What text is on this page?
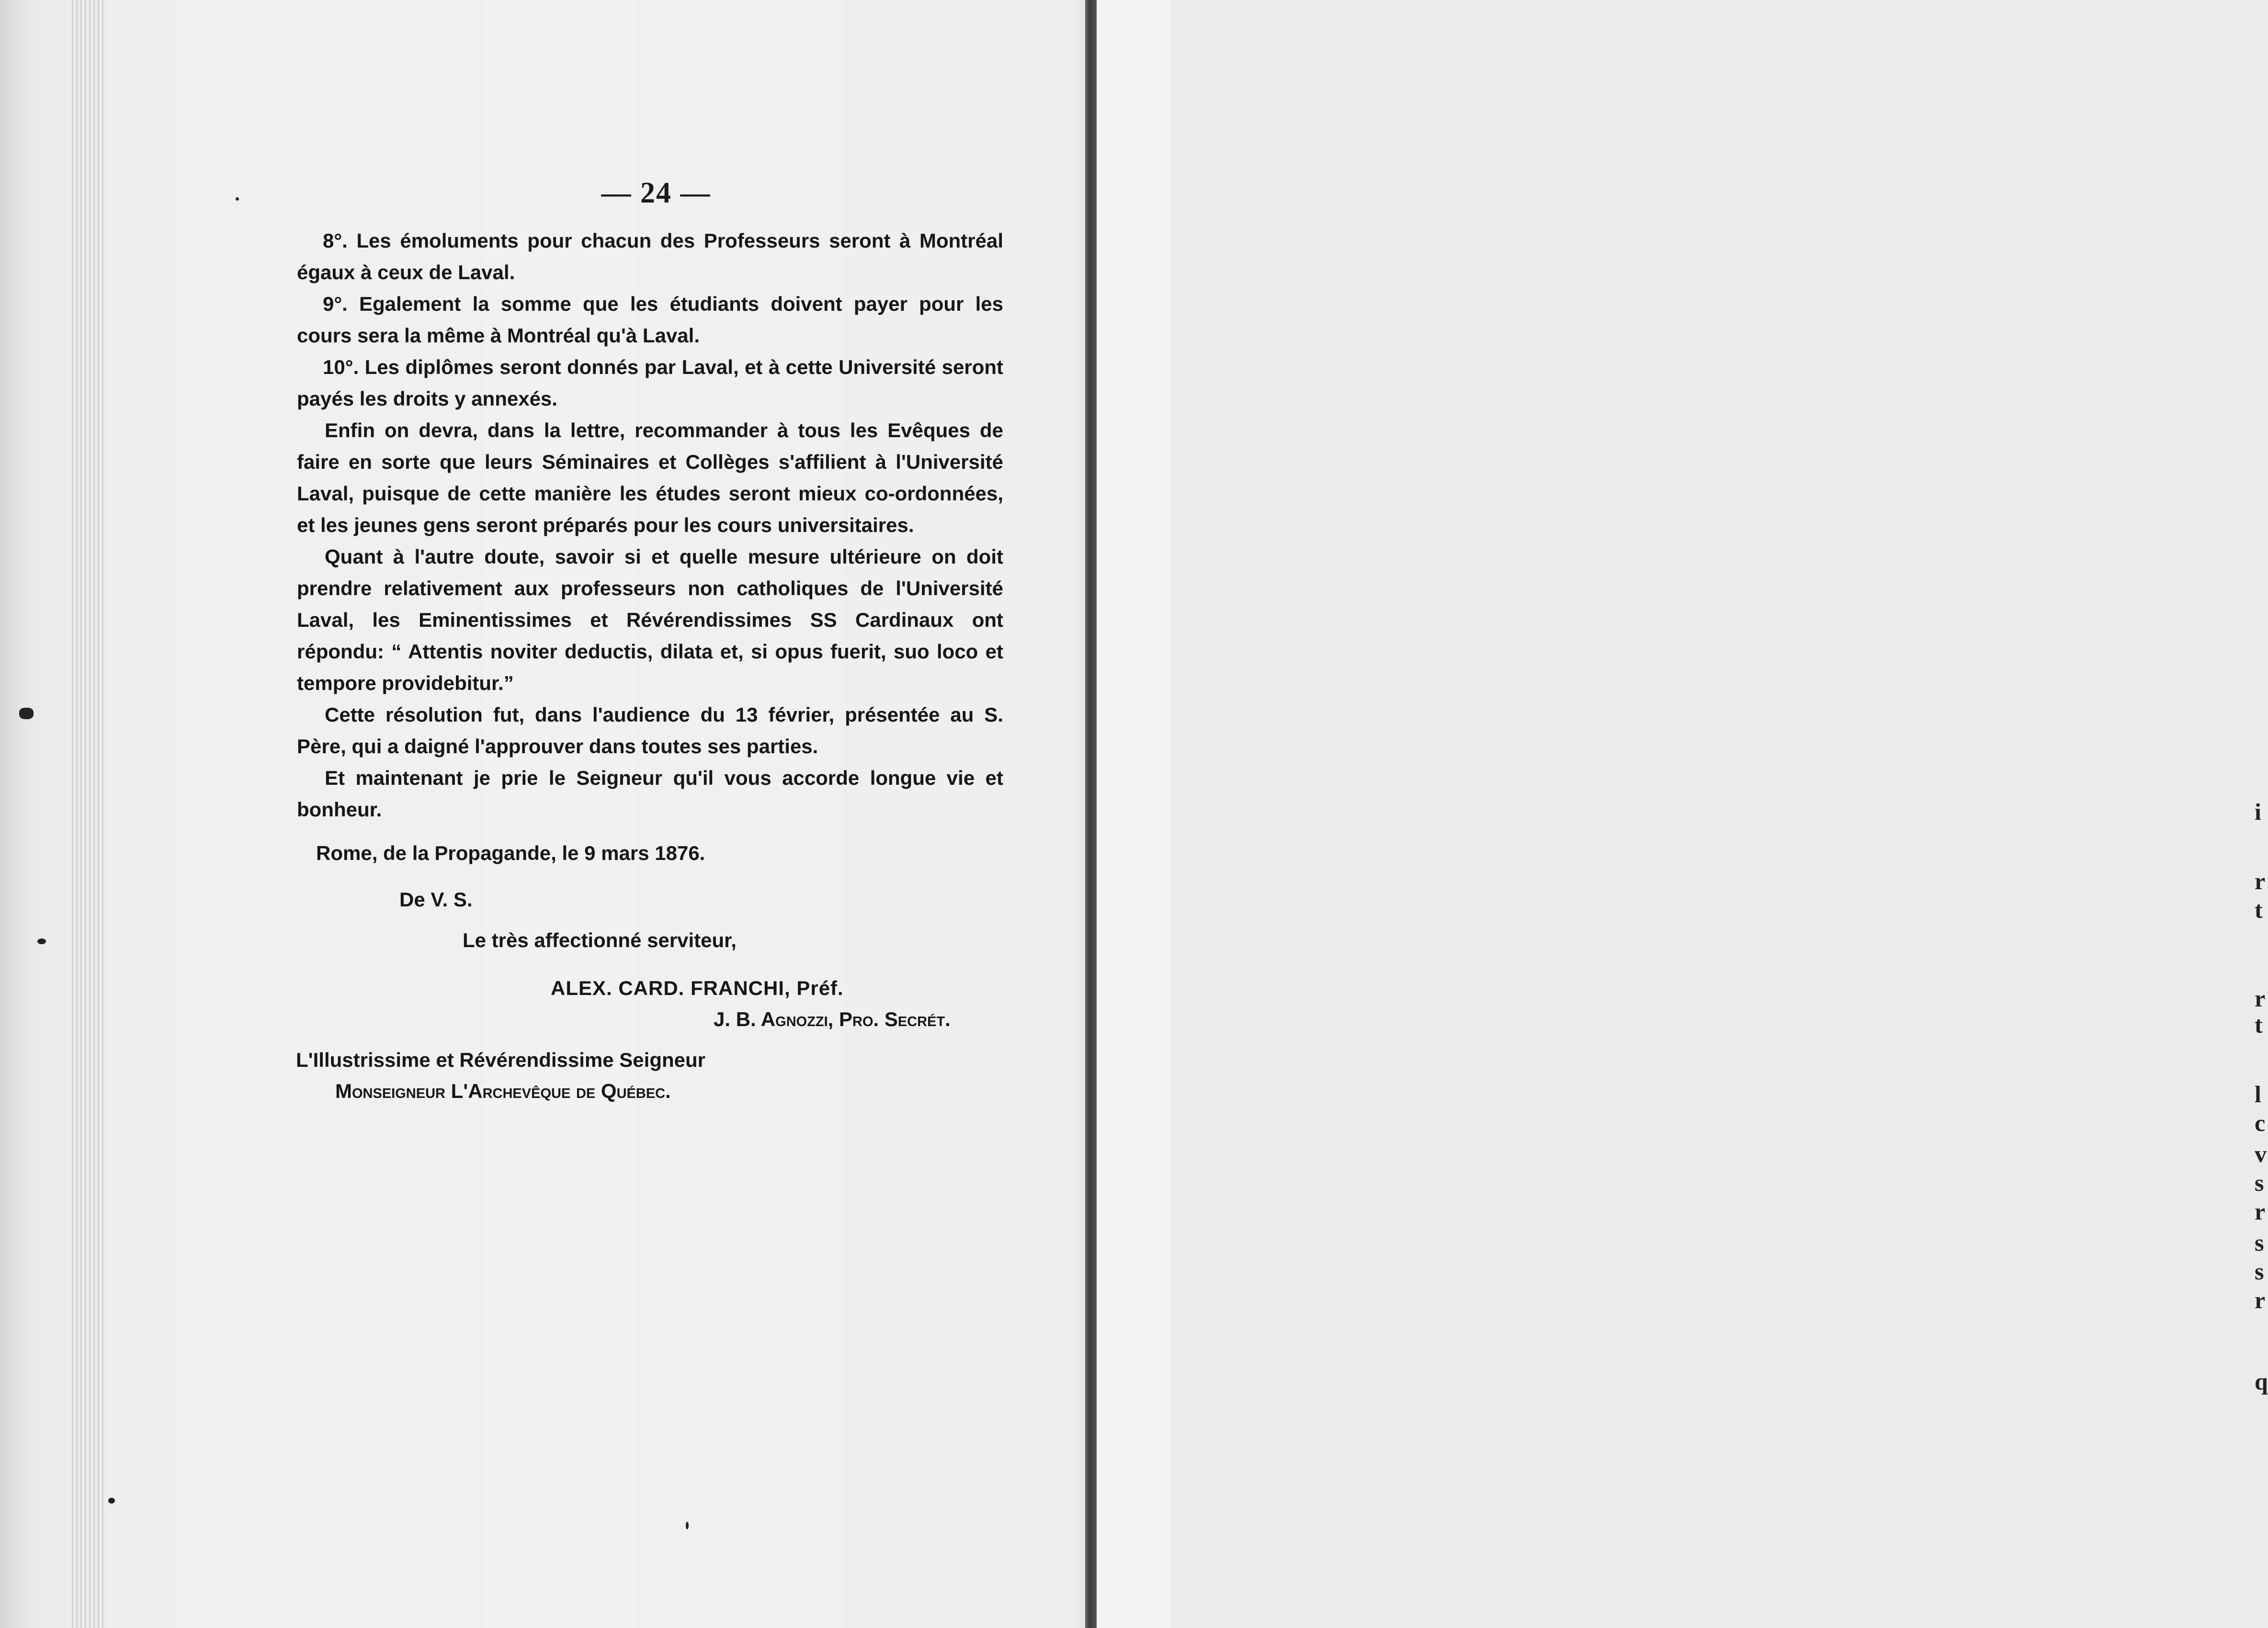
i
r
t
r
t
l
c
v
s
r
s
s
r
q
— 24 —

8°. Les émoluments pour chacun des Professeurs seront à Montréal égaux à ceux de Laval.

9°. Egalement la somme que les étudiants doivent payer pour les cours sera la même à Montréal qu'à Laval.

10°. Les diplômes seront donnés par Laval, et à cette Université seront payés les droits y annexés.

Enfin on devra, dans la lettre, recommander à tous les Evêques de faire en sorte que leurs Séminaires et Collèges s'affilient à l'Université Laval, puisque de cette manière les études seront mieux co-ordonnées, et les jeunes gens seront préparés pour les cours universitaires.

Quant à l'autre doute, savoir si et quelle mesure ultérieure on doit prendre relativement aux professeurs non catholiques de l'Université Laval, les Eminentissimes et Révérendissimes SS Cardinaux ont répondu: “ Attentis noviter deductis, dilata et, si opus fuerit, suo loco et tempore providebitur.”

Cette résolution fut, dans l'audience du 13 février, présentée au S. Père, qui a daigné l'approuver dans toutes ses parties.

Et maintenant je prie le Seigneur qu'il vous accorde longue vie et bonheur.

Rome, de la Propagande, le 9 mars 1876.
De V. S.
Le très affectionné serviteur,
ALEX. CARD. FRANCHI, Préf.
J. B. Agnozzi, Pro. Secrét.
L'Illustrissime et Révérendissime Seigneur
Monseigneur L'Archevêque de Québec.
